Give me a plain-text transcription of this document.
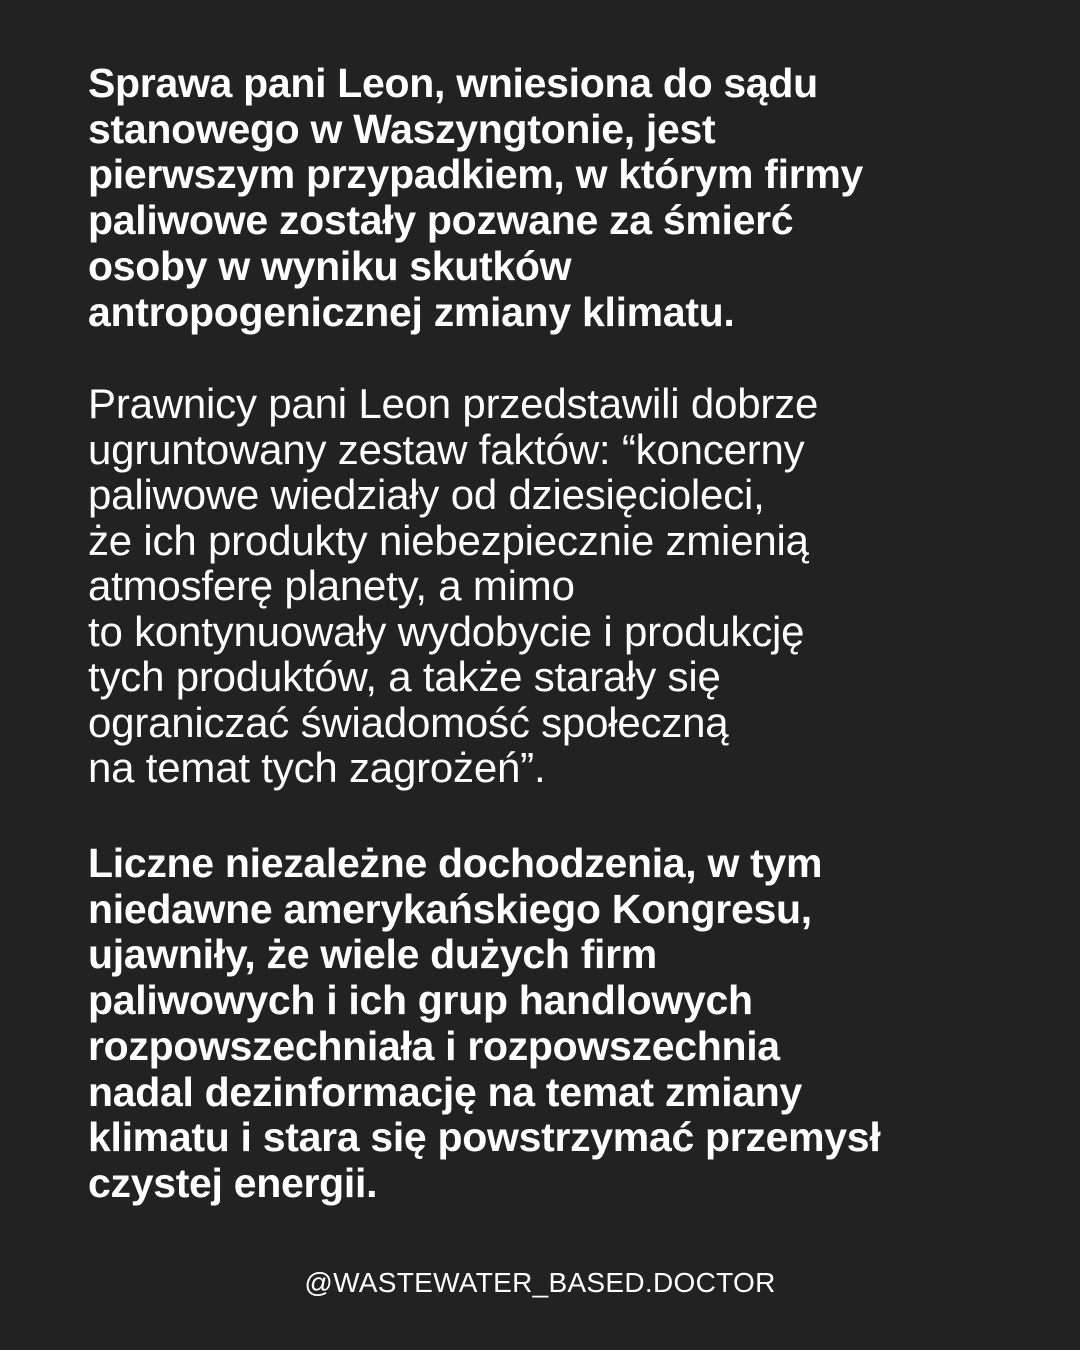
Sprawa pani Leon, wniesiona do sądu
stanowego w Waszyngtonie, jest
pierwszym przypadkiem, w którym firmy
paliwowe zostały pozwane za śmierć
osoby w wyniku skutków
antropogenicznej zmiany klimatu.

Prawnicy pani Leon przedstawili dobrze
ugruntowany zestaw faktów: “koncerny
paliwowe wiedziały od dziesięcioleci,
że ich produkty niebezpiecznie zmienią
atmosferę planety, a mimo
to kontynuowały wydobycie i produkcję
tych produktów, a także starały się
ograniczać świadomość społeczną
na temat tych zagrożeń”.

Liczne niezależne dochodzenia, w tym
niedawne amerykańskiego Kongresu,
ujawniły, że wiele dużych firm
paliwowych i ich grup handlowych
rozpowszechniała i rozpowszechnia
nadal dezinformację na temat zmiany
klimatu i stara się powstrzymać przemysł
czystej energii.

@WASTEWATER_BASED.DOCTOR
